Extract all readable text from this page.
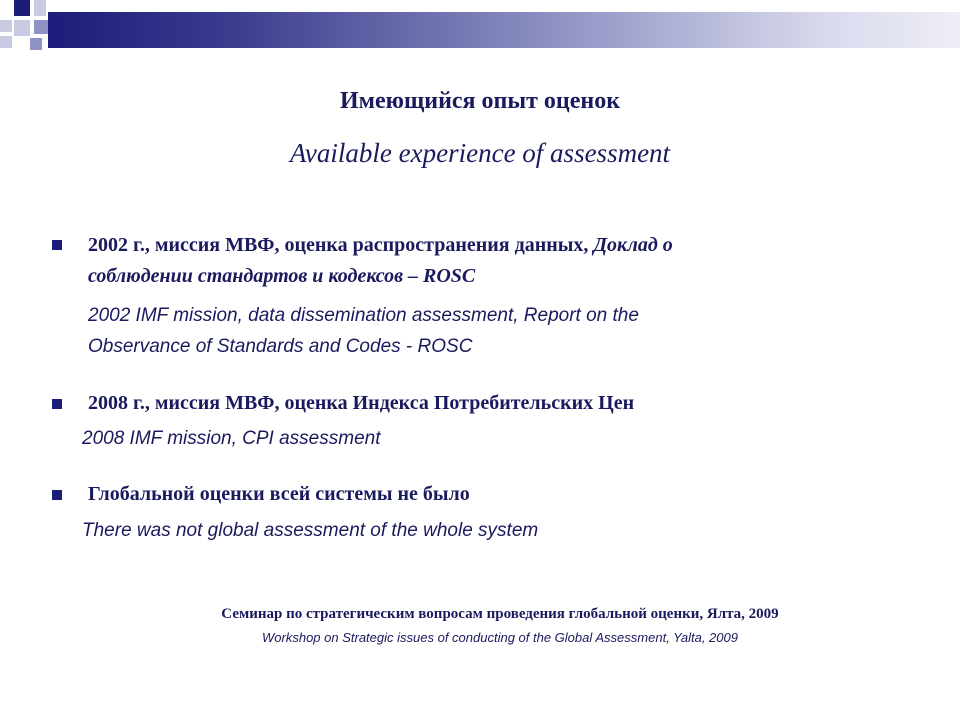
Имеющийся опыт оценок
Available experience of assessment
2002 г., миссия МВФ, оценка распространения данных, Доклад о
соблюдении стандартов и кодексов – ROSC
2002 IMF mission, data dissemination assessment, Report on the
Observance of Standards and Codes - ROSC
2008 г., миссия МВФ, оценка Индекса Потребительских Цен
2008 IMF mission, CPI assessment
Глобальной оценки всей системы не было
There was not global assessment of the whole system
Семинар по стратегическим вопросам проведения глобальной оценки, Ялта, 2009
Workshop on Strategic issues of conducting of the Global Assessment, Yalta, 2009
